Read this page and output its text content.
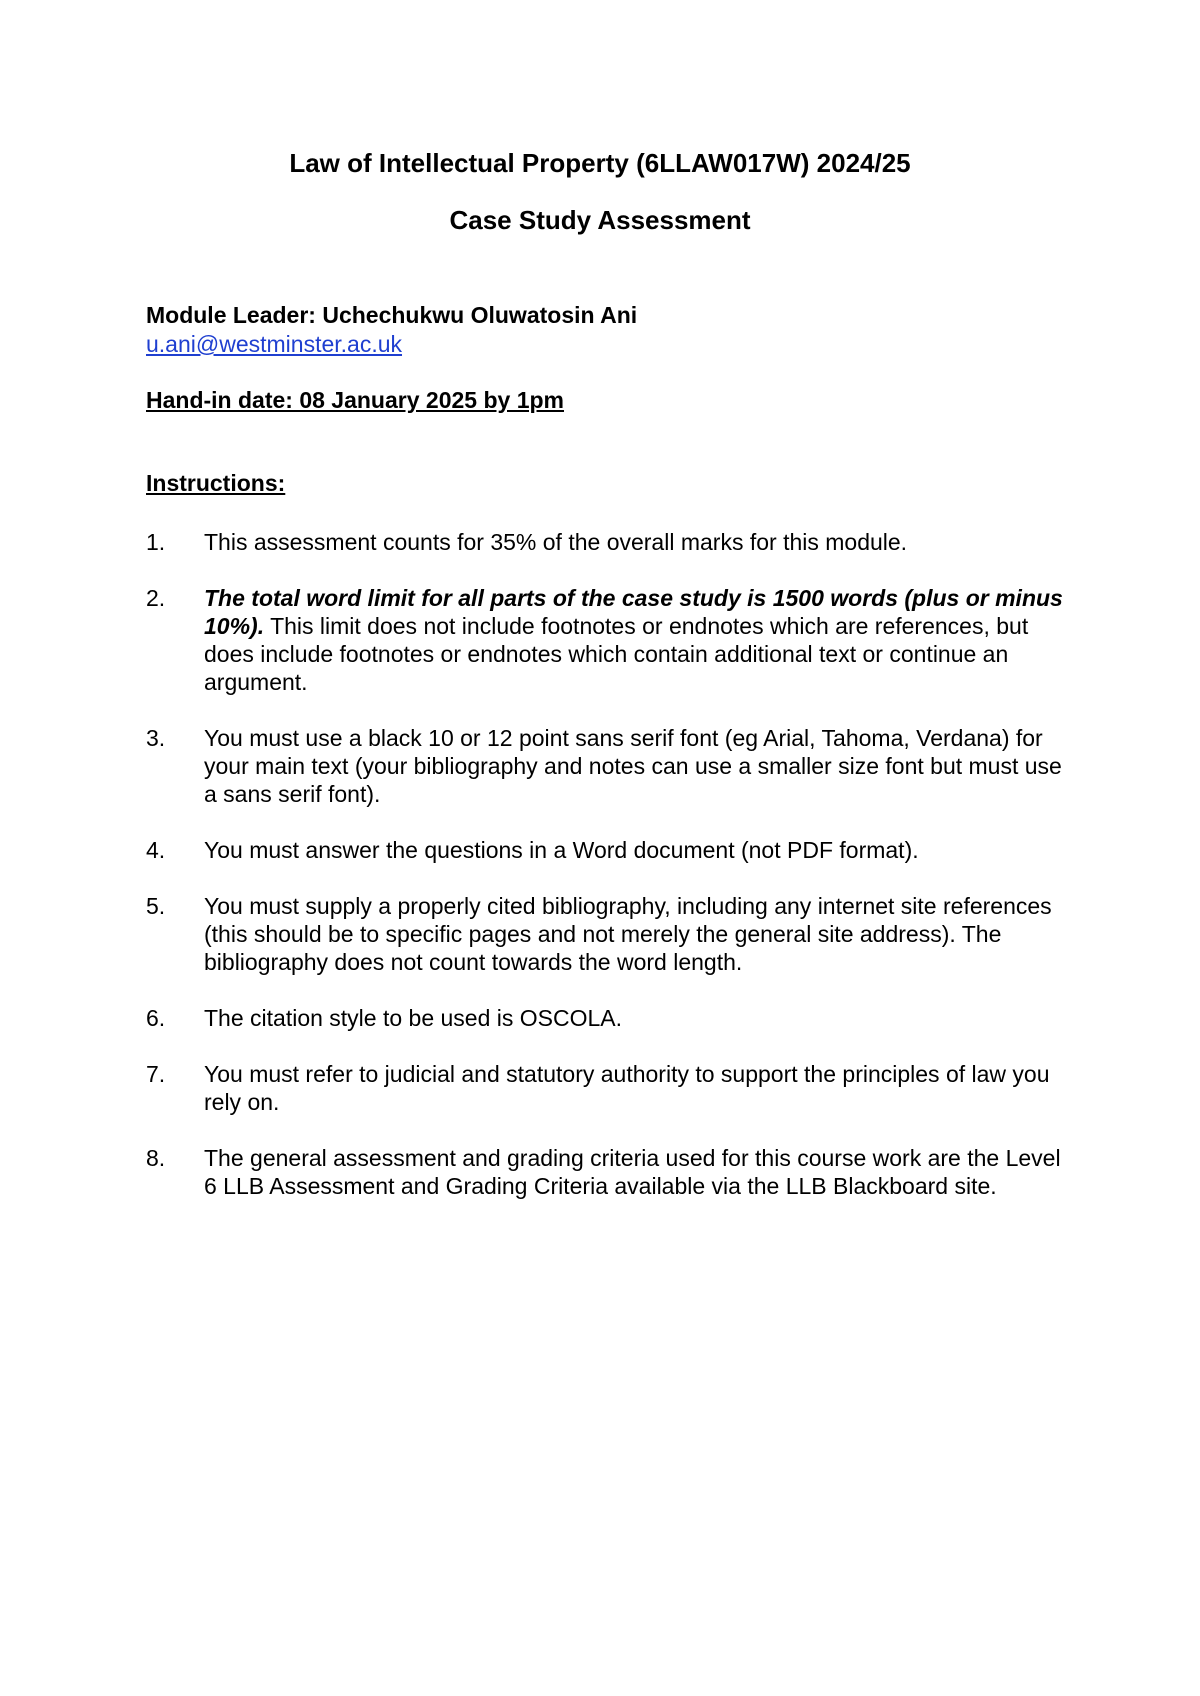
Law of Intellectual Property (6LLAW017W) 2024/25
Case Study Assessment

Module Leader: Uchechukwu Oluwatosin Ani

u.ani@westminster.ac.uk

Hand-in date: 08 January 2025 by 1pm

Instructions:

1.	This assessment counts for 35% of the overall marks for this module.
2.	The total word limit for all parts of the case study is 1500 words (plus or minus 10%). This limit does not include footnotes or endnotes which are references, but does include footnotes or endnotes which contain additional text or continue an argument.
3.	You must use a black 10 or 12 point sans serif font (eg Arial, Tahoma, Verdana) for your main text (your bibliography and notes can use a smaller size font but must use a sans serif font).
4.	You must answer the questions in a Word document (not PDF format).
5.	You must supply a properly cited bibliography, including any internet site references (this should be to specific pages and not merely the general site address). The bibliography does not count towards the word length.
6.	The citation style to be used is OSCOLA.
7.	You must refer to judicial and statutory authority to support the principles of law you rely on.
8.	The general assessment and grading criteria used for this course work are the Level 6 LLB Assessment and Grading Criteria available via the LLB Blackboard site.
